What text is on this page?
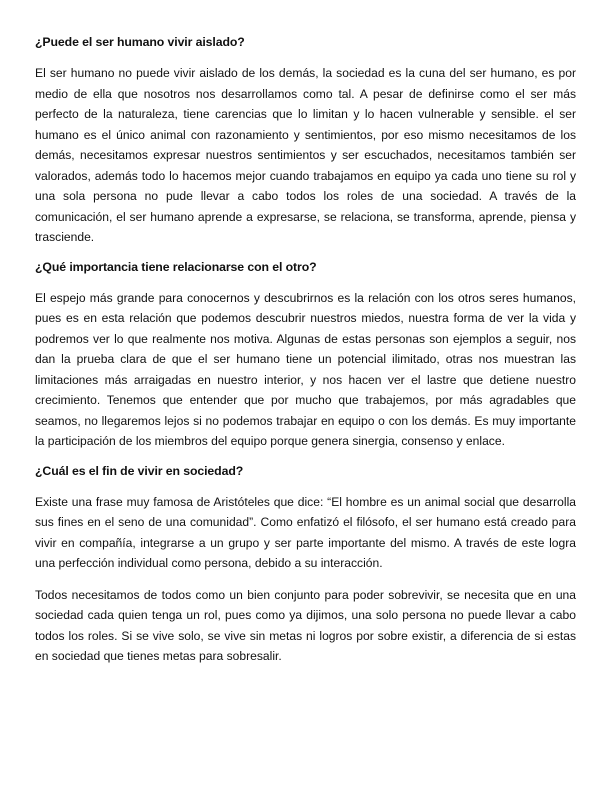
¿Puede el ser humano vivir aislado?

El ser humano no puede vivir aislado de los demás, la sociedad es la cuna del ser humano, es por medio de ella que nosotros nos desarrollamos como tal. A pesar de definirse como el ser más perfecto de la naturaleza, tiene carencias que lo limitan y lo hacen vulnerable y sensible. el ser humano es el único animal con razonamiento y sentimientos, por eso mismo necesitamos de los demás, necesitamos expresar nuestros sentimientos y ser escuchados, necesitamos también ser valorados, además todo lo hacemos mejor cuando trabajamos en equipo ya cada uno tiene su rol y una sola persona no pude llevar a cabo todos los roles de una sociedad. A través de la comunicación, el ser humano aprende a expresarse, se relaciona, se transforma, aprende, piensa y trasciende.

¿Qué importancia tiene relacionarse con el otro?

El espejo más grande para conocernos y descubrirnos es la relación con los otros seres humanos, pues es en esta relación que podemos descubrir nuestros miedos, nuestra forma de ver la vida y podremos ver lo que realmente nos motiva. Algunas de estas personas son ejemplos a seguir, nos dan la prueba clara de que el ser humano tiene un potencial ilimitado, otras nos muestran las limitaciones más arraigadas en nuestro interior, y nos hacen ver el lastre que detiene nuestro crecimiento. Tenemos que entender que por mucho que trabajemos, por más agradables que seamos, no llegaremos lejos si no podemos trabajar en equipo o con los demás. Es muy importante la participación de los miembros del equipo porque genera sinergia, consenso y enlace.

¿Cuál es el fin de vivir en sociedad?

Existe una frase muy famosa de Aristóteles que dice: “El hombre es un animal social que desarrolla sus fines en el seno de una comunidad”. Como enfatizó el filósofo, el ser humano está creado para vivir en compañía, integrarse a un grupo y ser parte importante del mismo. A través de este logra una perfección individual como persona, debido a su interacción.

Todos necesitamos de todos como un bien conjunto para poder sobrevivir, se necesita que en una sociedad cada quien tenga un rol, pues como ya dijimos, una solo persona no puede llevar a cabo todos los roles. Si se vive solo, se vive sin metas ni logros por sobre existir, a diferencia de si estas en sociedad que tienes metas para sobresalir.
